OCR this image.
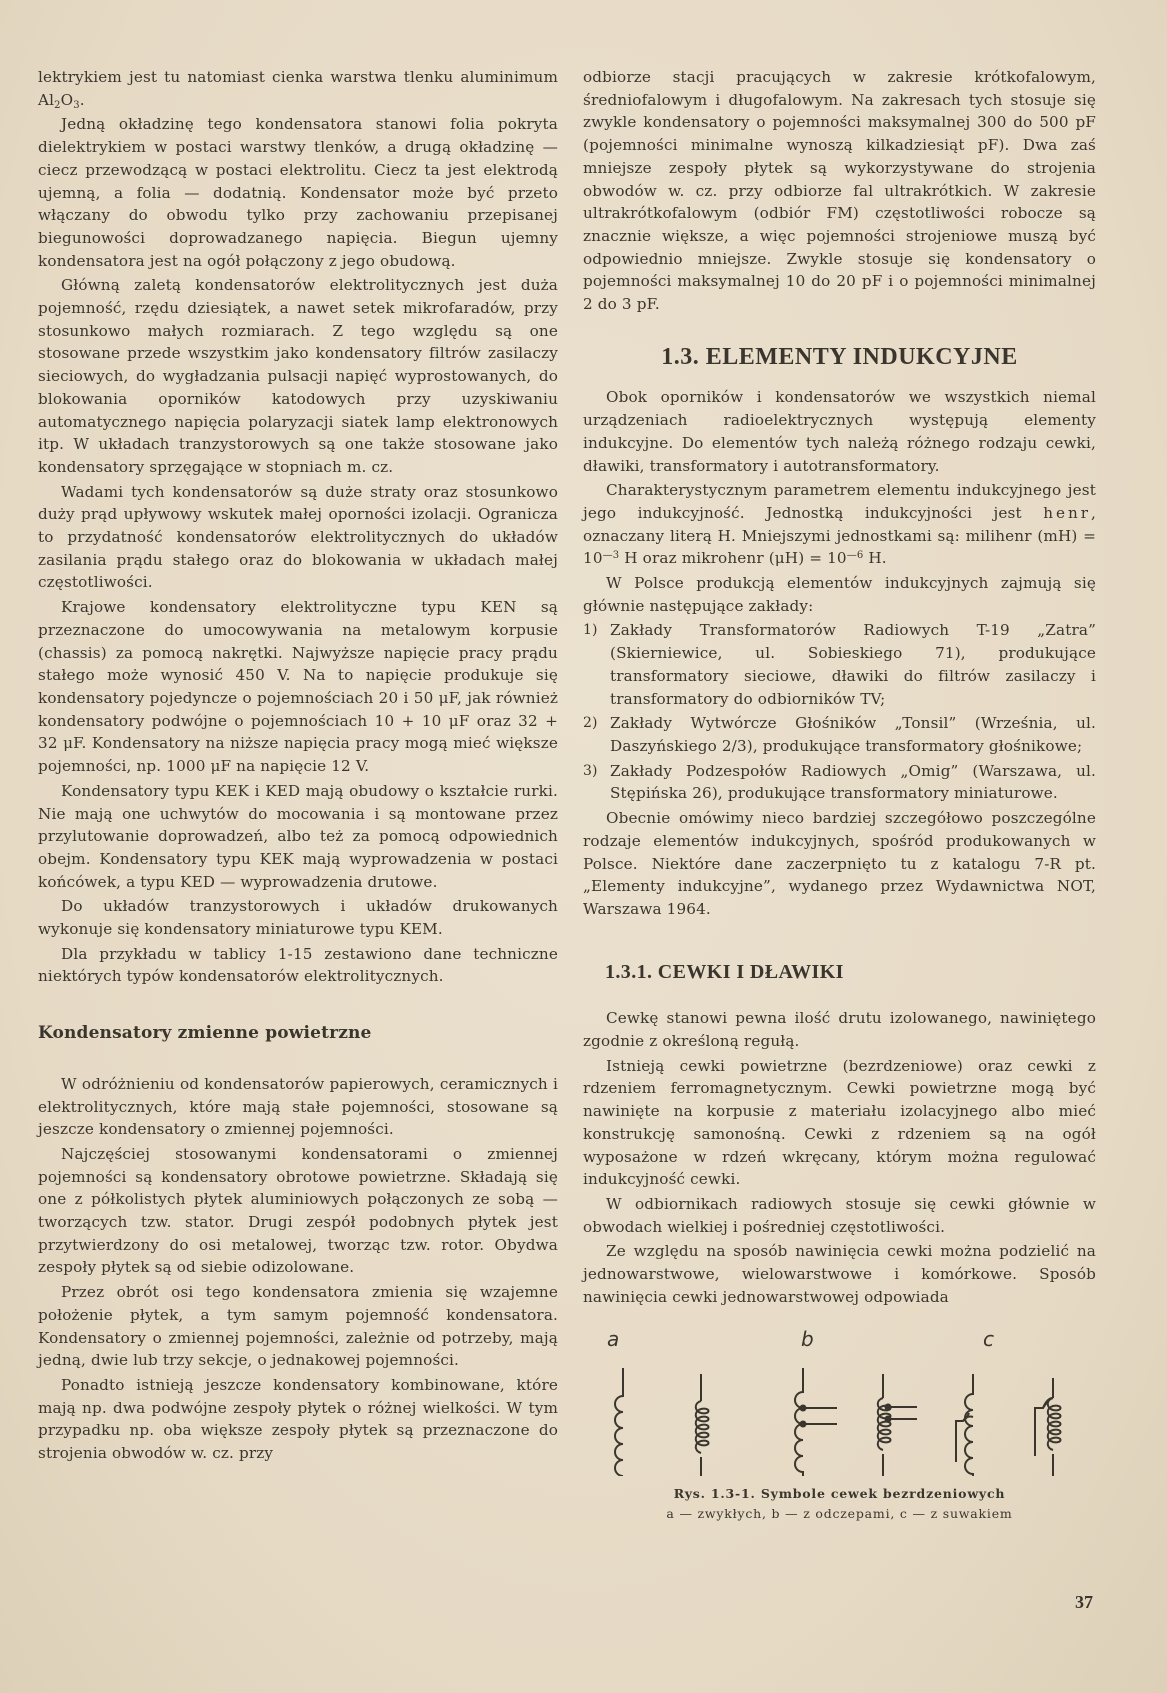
lektrykiem jest tu natomiast cienka warstwa tlenku aluminimum $Al_2O_3$.

Jedną okładzinę tego kondensatora stanowi folia pokryta dielektrykiem w postaci warstwy tlenków, a drugą okładzinę — ciecz przewodzącą w postaci elektrolitu. Ciecz ta jest elektrodą ujemną, a folia — dodatnią. Kondensator może być przeto włączany do obwodu tylko przy zachowaniu przepisanej biegunowości doprowadzanego napięcia. Biegun ujemny kondensatora jest na ogół połączony z jego obudową.

Główną zaletą kondensatorów elektrolitycznych jest duża pojemność, rzędu dziesiątek, a nawet setek mikrofaradów, przy stosunkowo małych rozmiarach. Z tego względu są one stosowane przede wszystkim jako kondensatory filtrów zasilaczy sieciowych, do wygładzania pulsacji napięć wyprostowanych, do blokowania oporników katodowych przy uzyskiwaniu automatycznego napięcia polaryzacji siatek lamp elektronowych itp. W układach tranzystorowych są one także stosowane jako kondensatory sprzęgające w stopniach m. cz.

Wadami tych kondensatorów są duże straty oraz stosunkowo duży prąd upływowy wskutek małej oporności izolacji. Ogranicza to przydatność kondensatorów elektrolitycznych do układów zasilania prądu stałego oraz do blokowania w układach małej częstotliwości.

Krajowe kondensatory elektrolityczne typu KEN są przeznaczone do umocowywania na metalowym korpusie (chassis) za pomocą nakrętki. Najwyższe napięcie pracy prądu stałego może wynosić 450 V. Na to napięcie produkuje się kondensatory pojedyncze o pojemnościach 20 i 50 μF, jak również kondensatory podwójne o pojemnościach 10 + 10 μF oraz 32 + 32 μF. Kondensatory na niższe napięcia pracy mogą mieć większe pojemności, np. 1000 μF na napięcie 12 V.

Kondensatory typu KEK i KED mają obudowy o kształcie rurki. Nie mają one uchwytów do mocowania i są montowane przez przylutowanie doprowadzeń, albo też za pomocą odpowiednich obejm. Kondensatory typu KEK mają wyprowadzenia w postaci końcówek, a typu KED — wyprowadzenia drutowe.

Do układów tranzystorowych i układów drukowanych wykonuje się kondensatory miniaturowe typu KEM.

Dla przykładu w tablicy 1-15 zestawiono dane techniczne niektórych typów kondensatorów elektrolitycznych.

Kondensatory zmienne powietrzne

W odróżnieniu od kondensatorów papierowych, ceramicznych i elektrolitycznych, które mają stałe pojemności, stosowane są jeszcze kondensatory o zmiennej pojemności.

Najczęściej stosowanymi kondensatorami o zmiennej pojemności są kondensatory obrotowe powietrzne. Składają się one z półkolistych płytek aluminiowych połączonych ze sobą — tworzących tzw. stator. Drugi zespół podobnych płytek jest przytwierdzony do osi metalowej, tworząc tzw. rotor. Obydwa zespoły płytek są od siebie odizolowane.

Przez obrót osi tego kondensatora zmienia się wzajemne położenie płytek, a tym samym pojemność kondensatora. Kondensatory o zmiennej pojemności, zależnie od potrzeby, mają jedną, dwie lub trzy sekcje, o jednakowej pojemności.

Ponadto istnieją jeszcze kondensatory kombinowane, które mają np. dwa podwójne zespoły płytek o różnej wielkości. W tym przypadku np. oba większe zespoły płytek są przeznaczone do strojenia obwodów w. cz. przy

odbiorze stacji pracujących w zakresie krótkofalowym, średniofalowym i długofalowym. Na zakresach tych stosuje się zwykle kondensatory o pojemności maksymalnej 300 do 500 pF (pojemności minimalne wynoszą kilkadziesiąt pF). Dwa zaś mniejsze zespoły płytek są wykorzystywane do strojenia obwodów w. cz. przy odbiorze fal ultrakrótkich. W zakresie ultrakrótkofalowym (odbiór FM) częstotliwości robocze są znacznie większe, a więc pojemności strojeniowe muszą być odpowiednio mniejsze. Zwykle stosuje się kondensatory o pojemności maksymalnej 10 do 20 pF i o pojemności minimalnej 2 do 3 pF.

1.3. ELEMENTY INDUKCYJNE

Obok oporników i kondensatorów we wszystkich niemal urządzeniach radioelektrycznych występują elementy indukcyjne. Do elementów tych należą różnego rodzaju cewki, dławiki, transformatory i autotransformatory.

Charakterystycznym parametrem elementu indukcyjnego jest jego indukcyjność. Jednostką indukcyjności jest henr, oznaczany literą H. Mniejszymi jednostkami są: milihenr $(mH) = 10^{—3}$ H oraz mikrohenr $(\mu H) = 10^{—6}$ H.

W Polsce produkcją elementów indukcyjnych zajmują się głównie następujące zakłady:

1) Zakłady Transformatorów Radiowych T-19 „Zatra” (Skierniewice, ul. Sobieskiego 71), produkujące transformatory sieciowe, dławiki do filtrów zasilaczy i transformatory do odbiorników TV;
2) Zakłady Wytwórcze Głośników „Tonsil” (Września, ul. Daszyńskiego 2/3), produkujące transformatory głośnikowe;
3) Zakłady Podzespołów Radiowych „Omig” (Warszawa, ul. Stępińska 26), produkujące transformatory miniaturowe.

Obecnie omówimy nieco bardziej szczegółowo poszczególne rodzaje elementów indukcyjnych, spośród produkowanych w Polsce. Niektóre dane zaczerpnięto tu z katalogu 7-R pt. „Elementy indukcyjne”, wydanego przez Wydawnictwa NOT, Warszawa 1964.

1.3.1. CEWKI I DŁAWIKI

Cewkę stanowi pewna ilość drutu izolowanego, nawiniętego zgodnie z określoną regułą.

Istnieją cewki powietrzne (bezrdzeniowe) oraz cewki z rdzeniem ferromagnetycznym. Cewki powietrzne mogą być nawinięte na korpusie z materiału izolacyjnego albo mieć konstrukcję samonośną. Cewki z rdzeniem są na ogół wyposażone w rdzeń wkręcany, którym można regulować indukcyjność cewki.

W odbiornikach radiowych stosuje się cewki głównie w obwodach wielkiej i pośredniej częstotliwości.

Ze względu na sposób nawinięcia cewki można podzielić na jednowarstwowe, wielowarstwowe i komórkowe. Sposób nawinięcia cewki jednowarstwowej odpowiada

a	b	c
Rys. 1.3-1. Symbole cewek bezrdzeniowych
a — zwykłych, b — z odczepami, c — z suwakiem
37
